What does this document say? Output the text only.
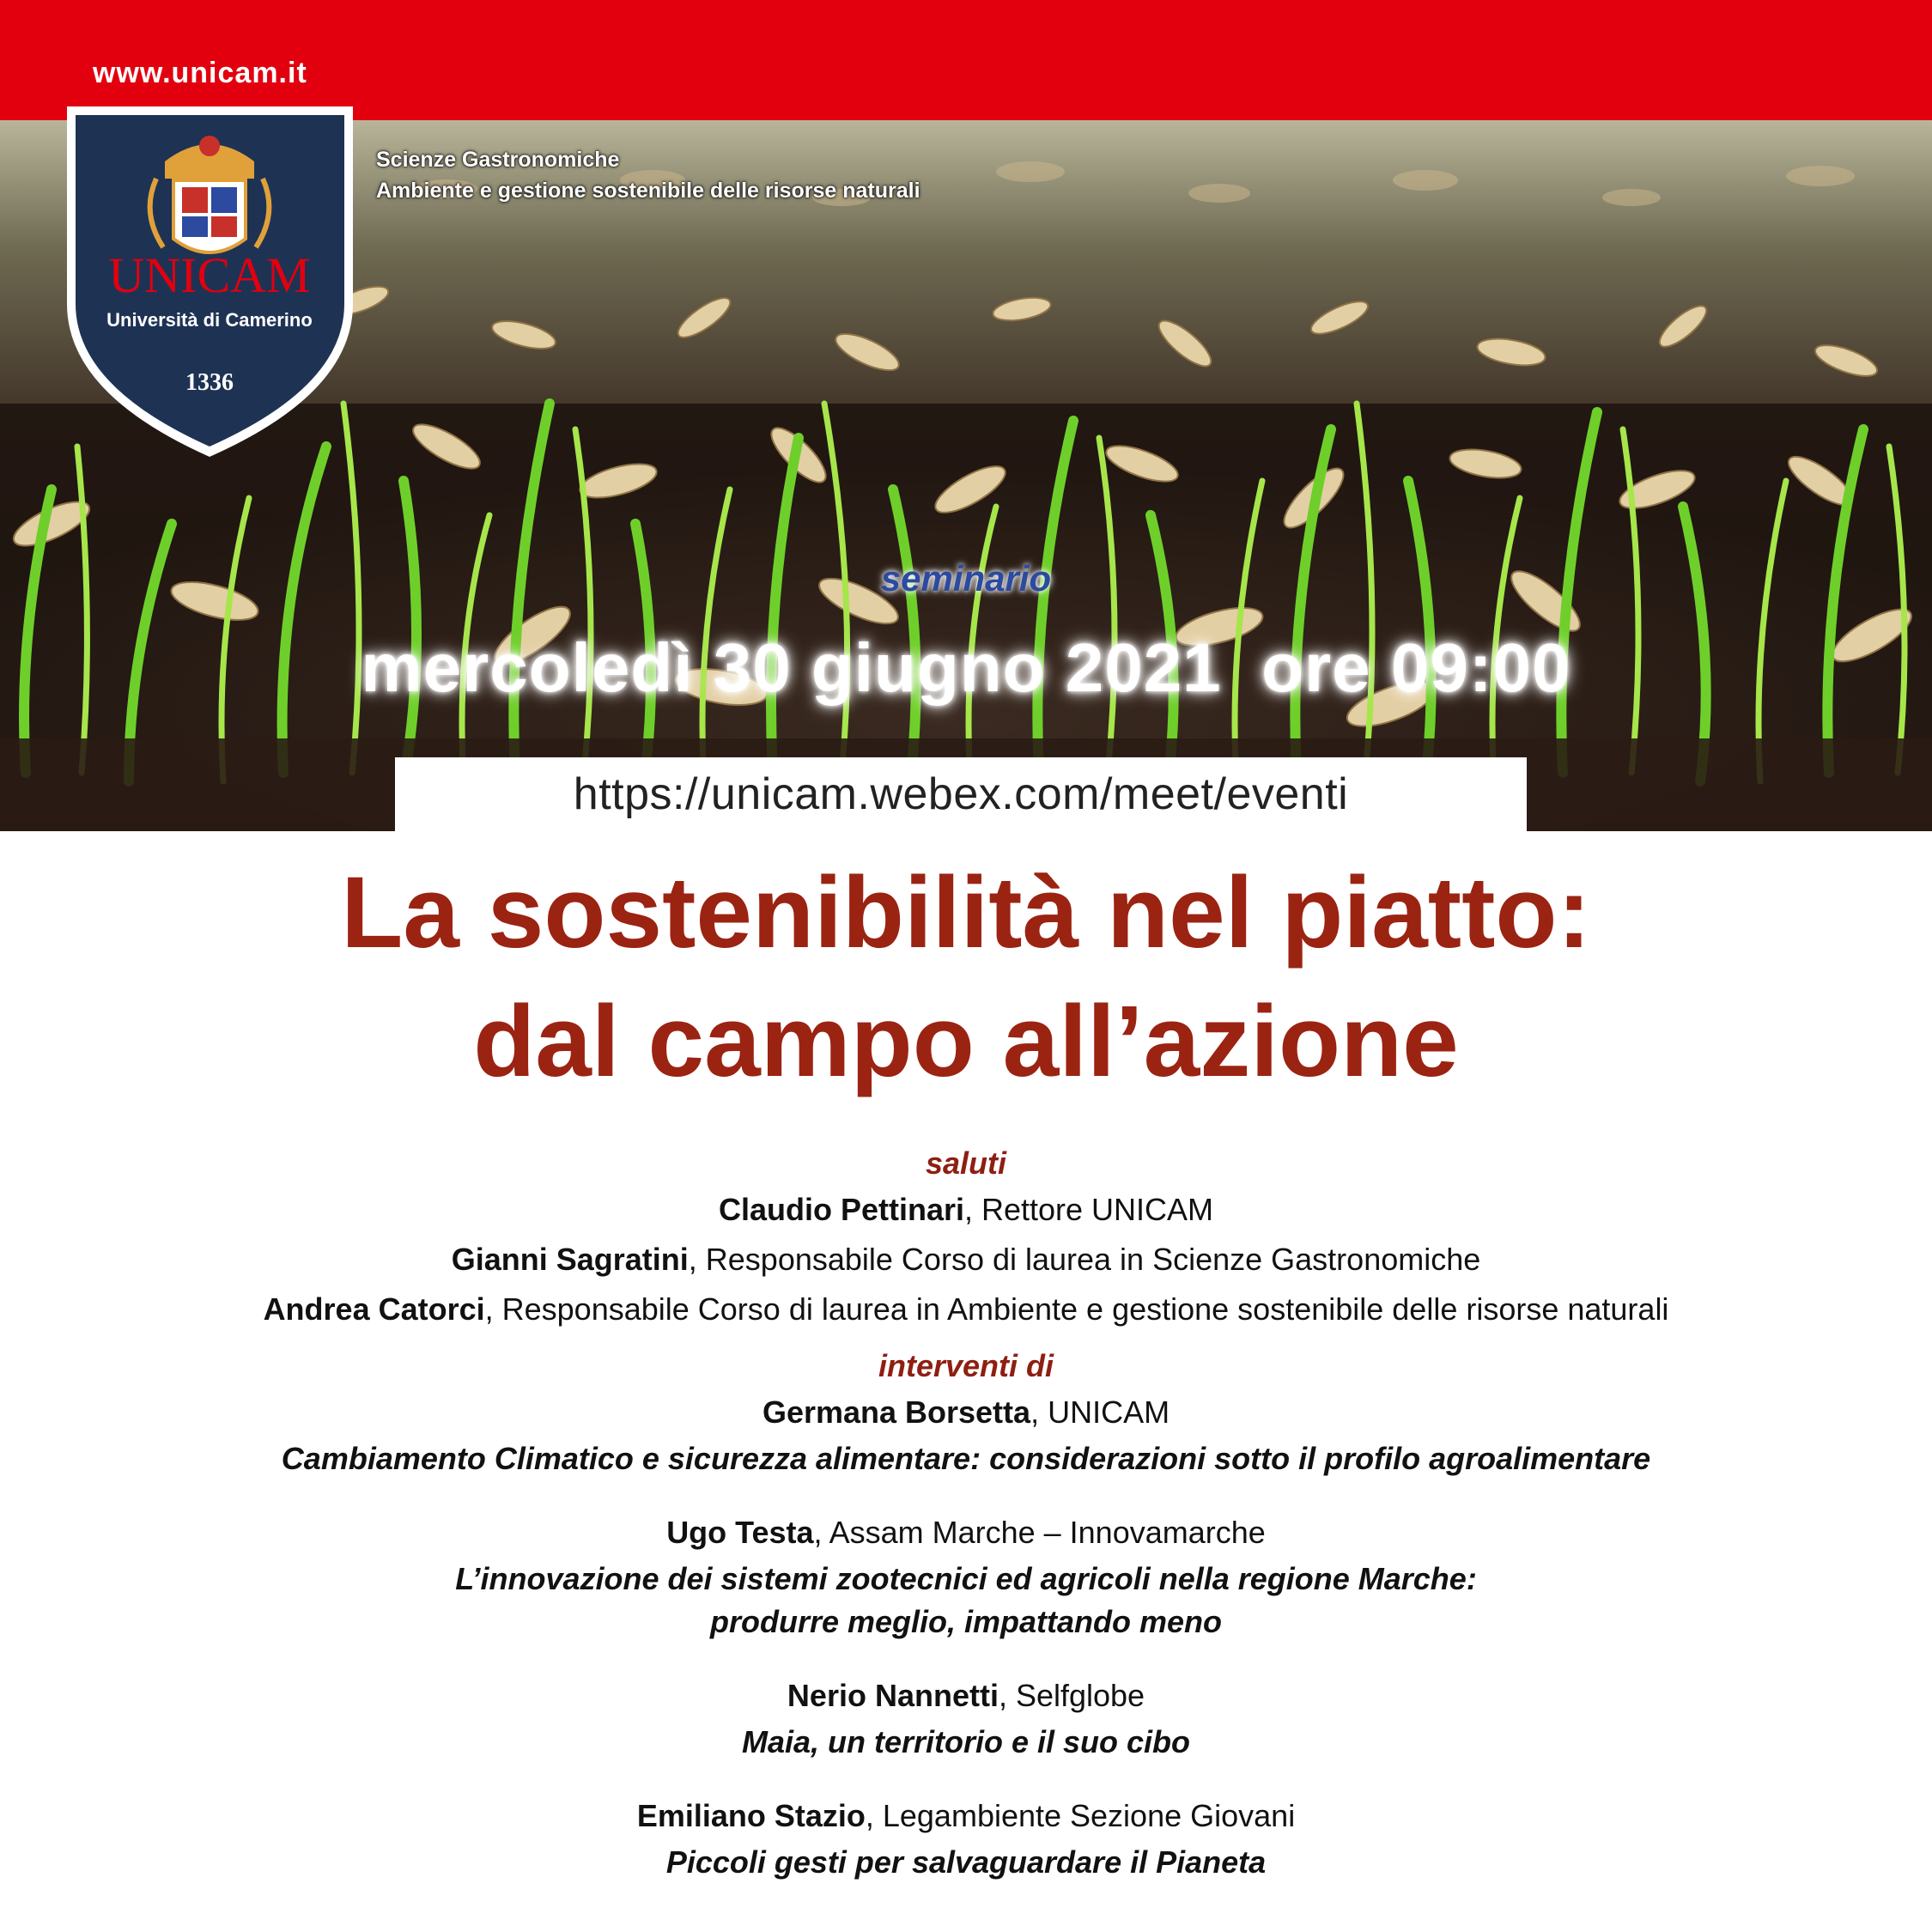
www.unicam.it
UNICAM
Università di Camerino
1336
Scienze Gastronomiche
Ambiente e gestione sostenibile delle risorse naturali
seminario
mercoledì 30 giugno 2021  ore 09:00
https://unicam.webex.com/meet/eventi
La sostenibilità nel piatto:
dal campo all’azione
saluti
Claudio Pettinari, Rettore UNICAM
Gianni Sagratini, Responsabile Corso di laurea in Scienze Gastronomiche
Andrea Catorci, Responsabile Corso di laurea in Ambiente e gestione sostenibile delle risorse naturali
interventi di
Germana Borsetta, UNICAM
Cambiamento Climatico e sicurezza alimentare: considerazioni sotto il profilo agroalimentare
Ugo Testa, Assam Marche – Innovamarche
L’innovazione dei sistemi zootecnici ed agricoli nella regione Marche:
produrre meglio, impattando meno
Nerio Nannetti, Selfglobe
Maia, un territorio e il suo cibo
Emiliano Stazio, Legambiente Sezione Giovani
Piccoli gesti per salvaguardare il Pianeta
